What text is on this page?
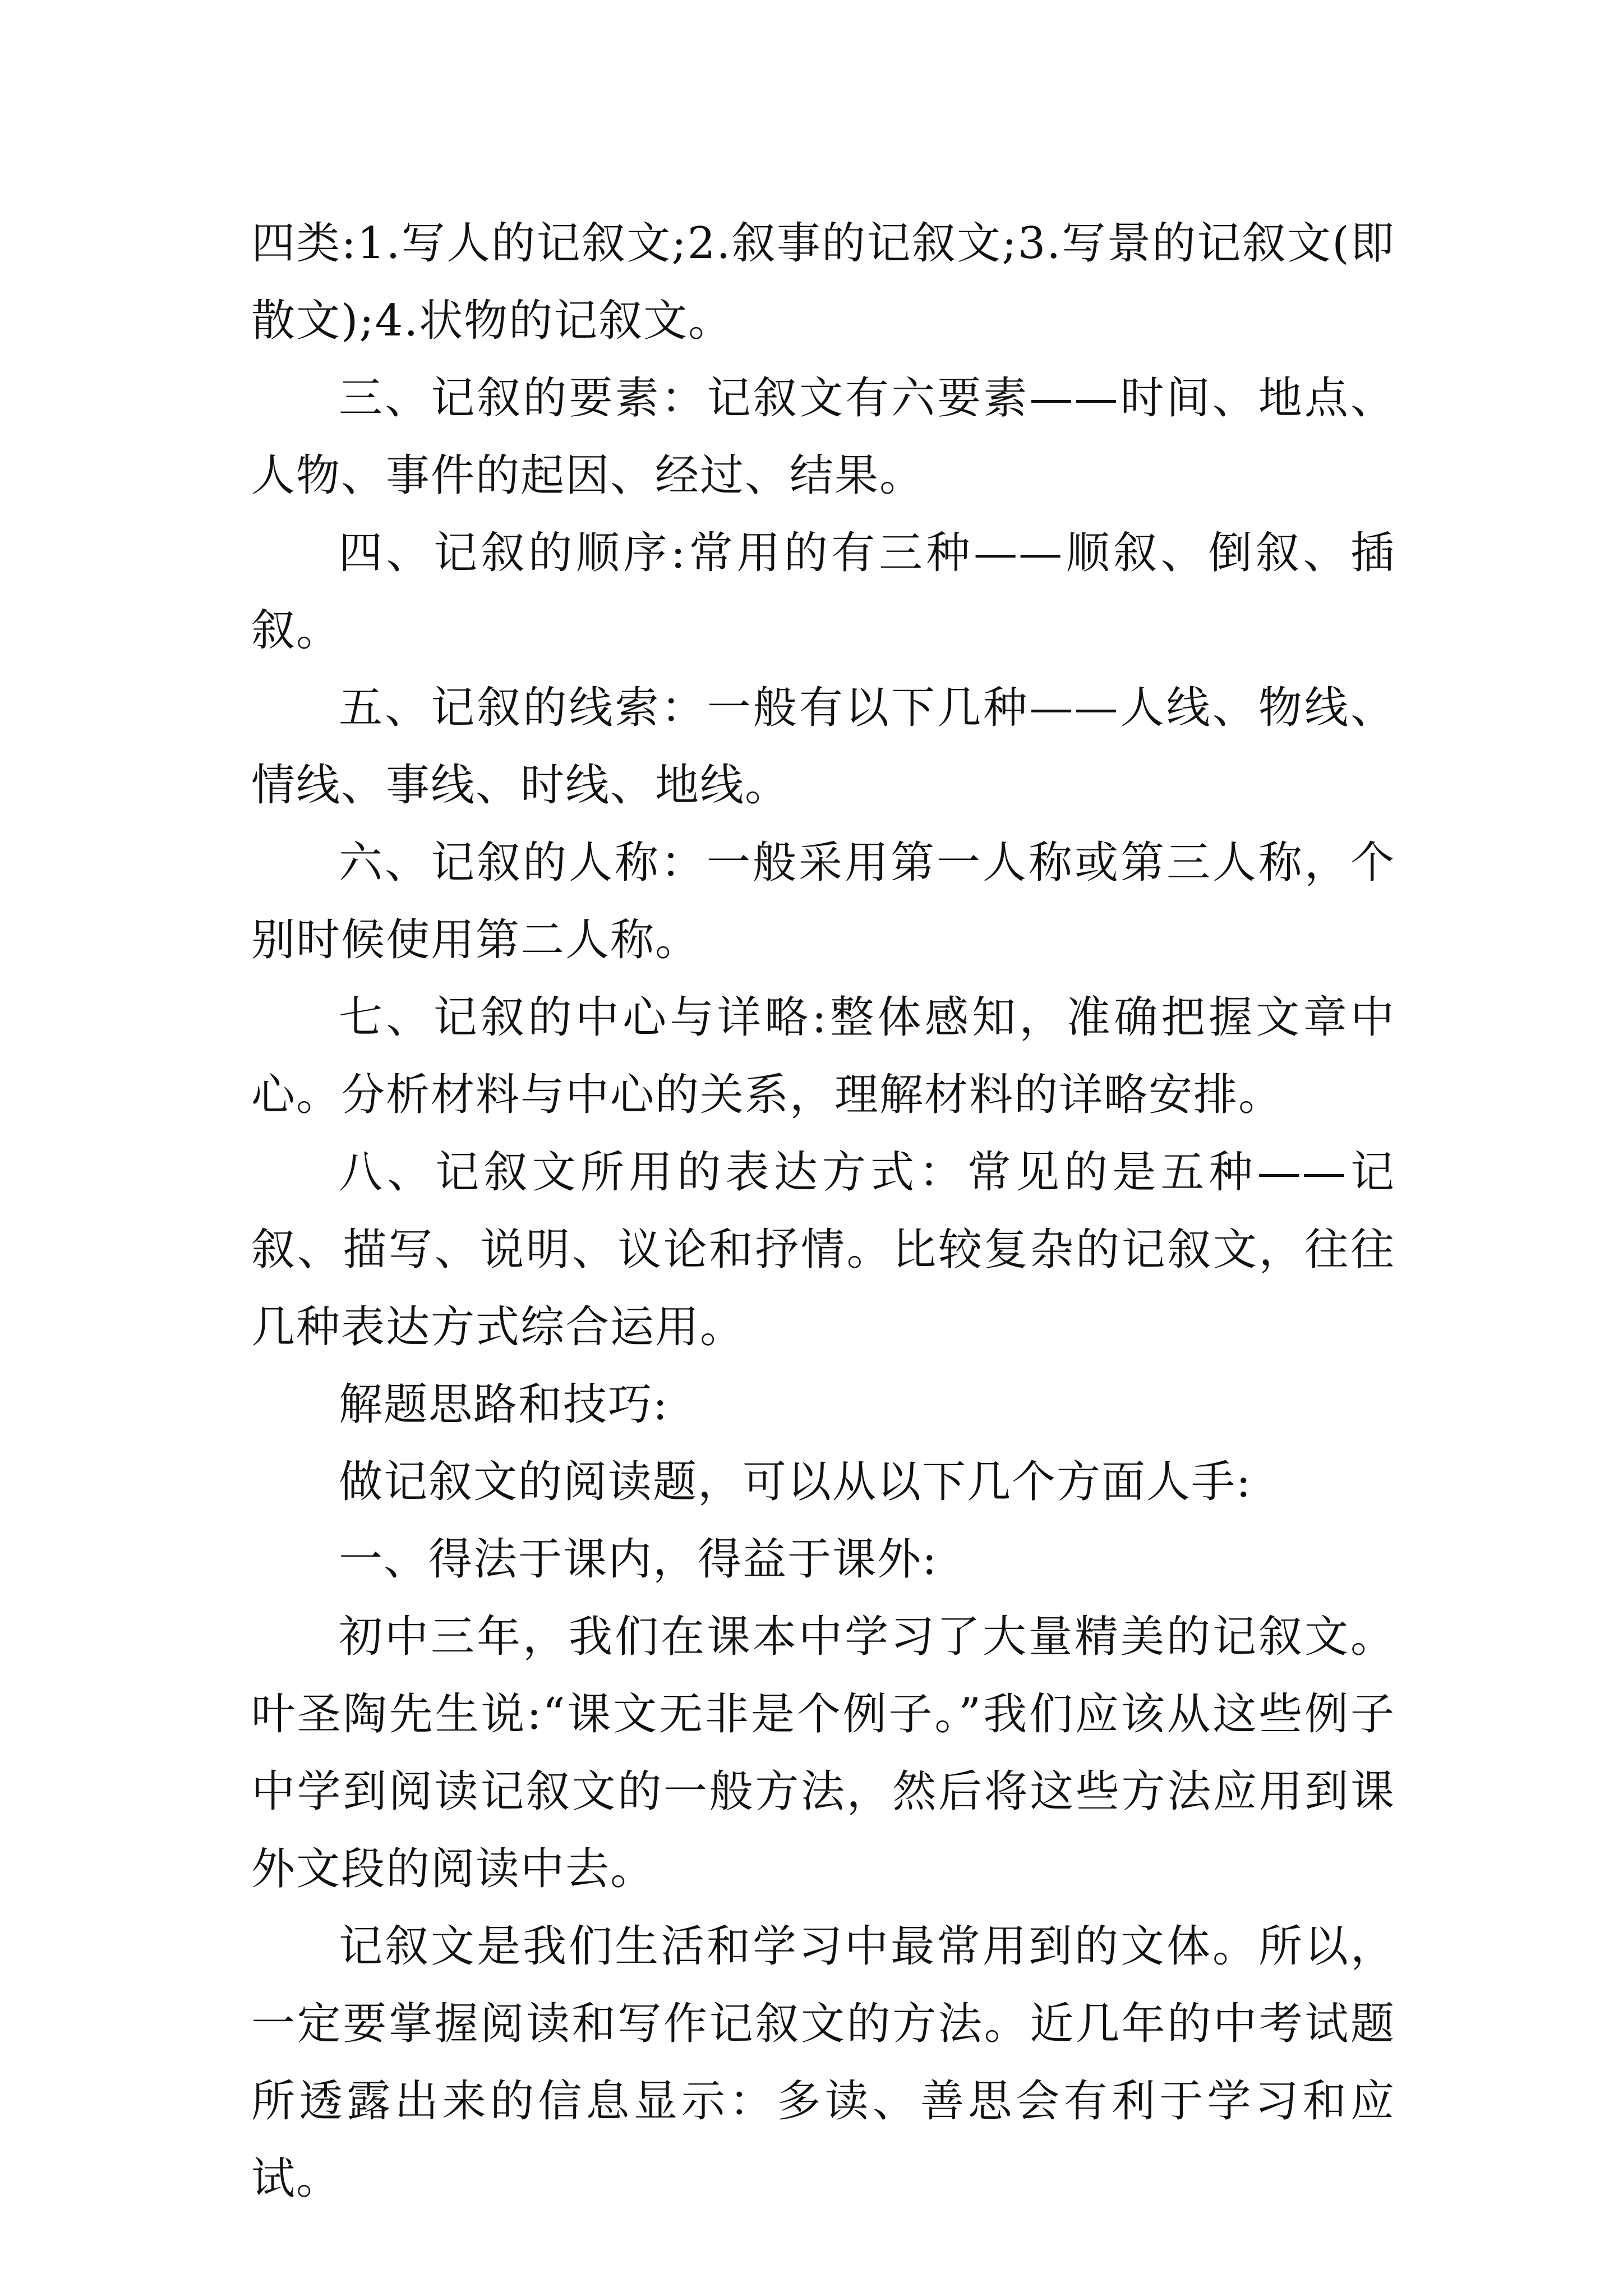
四类:1.写人的记叙文;2.叙事的记叙文;3.写景的记叙文(即散文);4.状物的记叙文。

三、记叙的要素：记叙文有六要素——时间、地点、人物、事件的起因、经过、结果。

四、记叙的顺序:常用的有三种——顺叙、倒叙、插叙。

五、记叙的线索：一般有以下几种——人线、物线、情线、事线、时线、地线。

六、记叙的人称：一般采用第一人称或第三人称，个别时候使用第二人称。

七、记叙的中心与详略:整体感知，准确把握文章中心。分析材料与中心的关系，理解材料的详略安排。

八、记叙文所用的表达方式：常见的是五种——记叙、描写、说明、议论和抒情。比较复杂的记叙文，往往几种表达方式综合运用。

解题思路和技巧:

做记叙文的阅读题，可以从以下几个方面人手:

一、得法于课内，得益于课外:

初中三年，我们在课本中学习了大量精美的记叙文。叶圣陶先生说:“课文无非是个例子。”我们应该从这些例子中学到阅读记叙文的一般方法，然后将这些方法应用到课外文段的阅读中去。

记叙文是我们生活和学习中最常用到的文体。所以，一定要掌握阅读和写作记叙文的方法。近几年的中考试题所透露出来的信息显示：多读、善思会有利于学习和应试。
